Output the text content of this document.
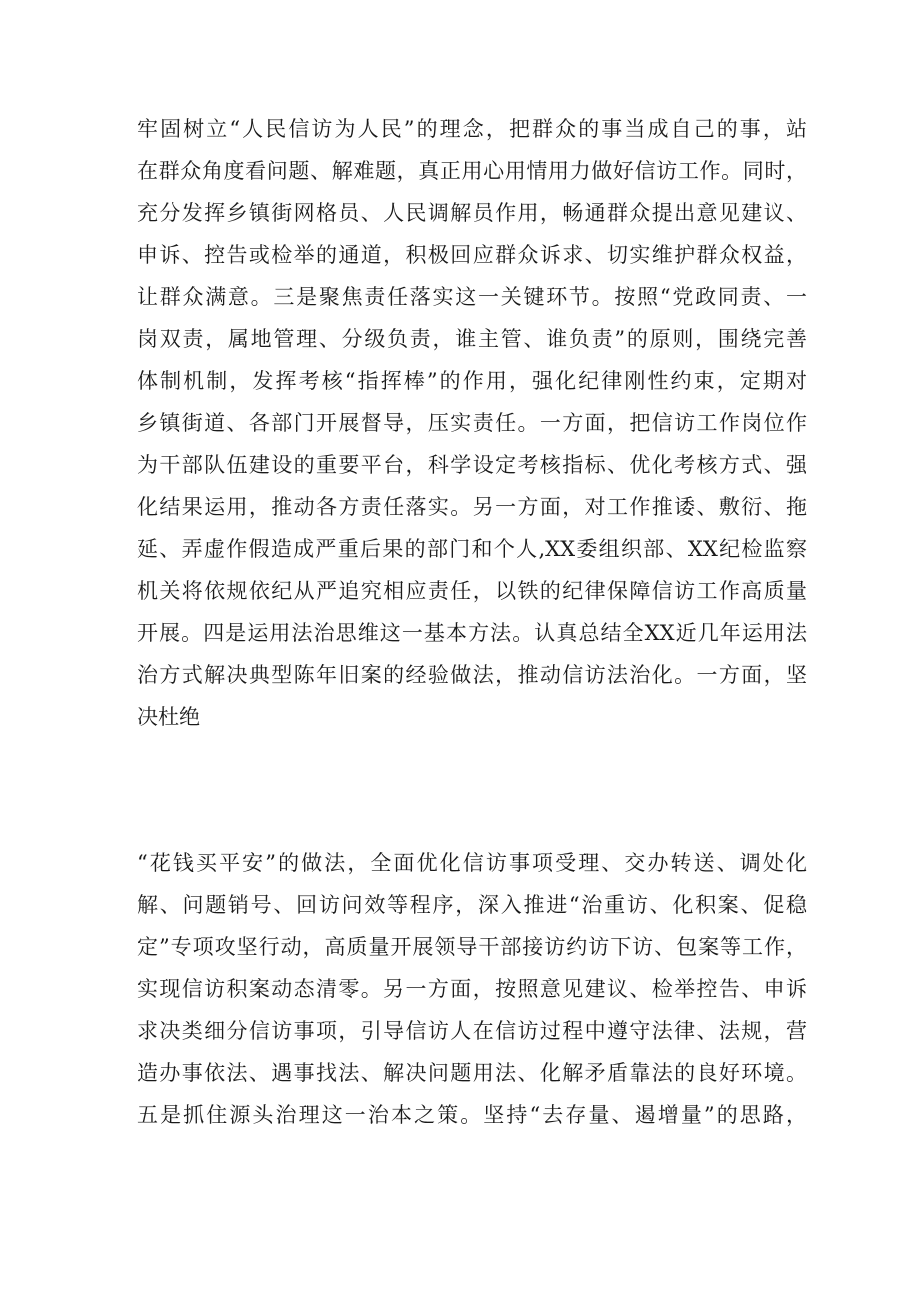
牢固树立“人民信访为人民”的理念，把群众的事当成自己的事，站
在群众角度看问题、解难题，真正用心用情用力做好信访工作。同时，
充分发挥乡镇街网格员、人民调解员作用，畅通群众提出意见建议、
申诉、控告或检举的通道，积极回应群众诉求、切实维护群众权益，
让群众满意。三是聚焦责任落实这一关键环节。按照“党政同责、一
岗双责，属地管理、分级负责，谁主管、谁负责”的原则，围绕完善
体制机制，发挥考核“指挥棒”的作用，强化纪律刚性约束，定期对
乡镇街道、各部门开展督导，压实责任。一方面，把信访工作岗位作
为干部队伍建设的重要平台，科学设定考核指标、优化考核方式、强
化结果运用，推动各方责任落实。另一方面，对工作推诿、敷衍、拖
延、弄虚作假造成严重后果的部门和个人,XX委组织部、XX纪检监察
机关将依规依纪从严追究相应责任，以铁的纪律保障信访工作高质量
开展。四是运用法治思维这一基本方法。认真总结全XX近几年运用法
治方式解决典型陈年旧案的经验做法，推动信访法治化。一方面，坚
决杜绝
“花钱买平安”的做法，全面优化信访事项受理、交办转送、调处化
解、问题销号、回访问效等程序，深入推进“治重访、化积案、促稳
定”专项攻坚行动，高质量开展领导干部接访约访下访、包案等工作，
实现信访积案动态清零。另一方面，按照意见建议、检举控告、申诉
求决类细分信访事项，引导信访人在信访过程中遵守法律、法规，营
造办事依法、遇事找法、解决问题用法、化解矛盾靠法的良好环境。
五是抓住源头治理这一治本之策。坚持“去存量、遏增量”的思路，
